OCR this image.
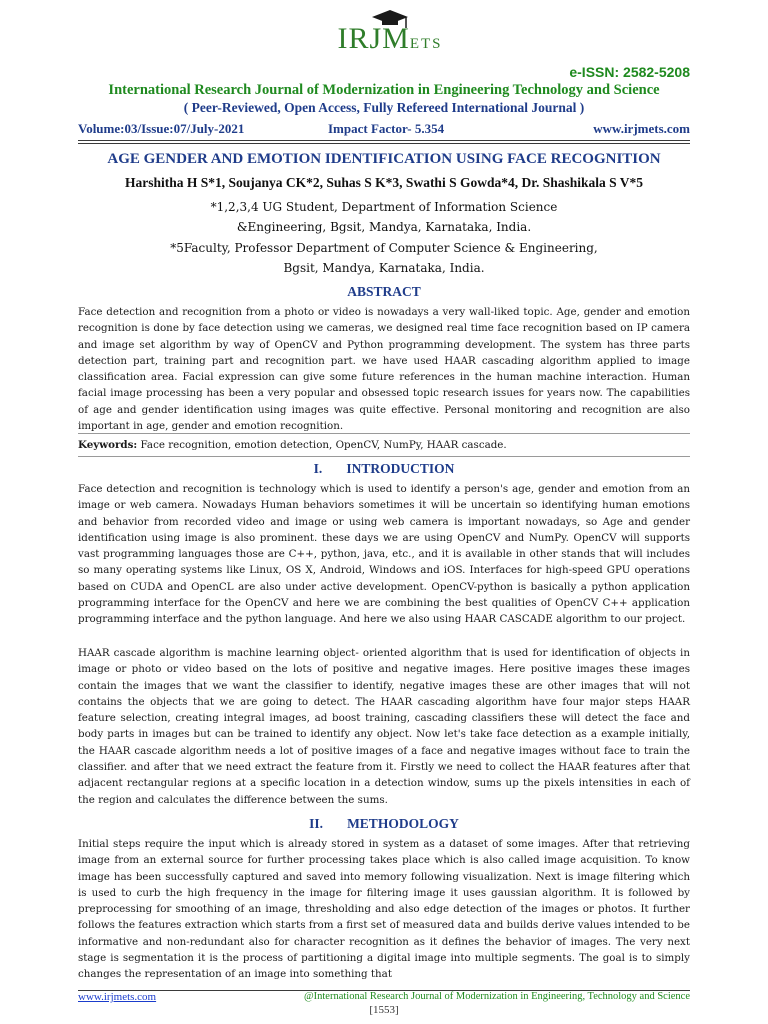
IRJMETS
e-ISSN: 2582-5208
International Research Journal of Modernization in Engineering Technology and Science
( Peer-Reviewed, Open Access, Fully Refereed International Journal )
Volume:03/Issue:07/July-2021	Impact Factor- 5.354	www.irjmets.com
AGE GENDER AND EMOTION IDENTIFICATION USING FACE RECOGNITION
Harshitha H S*1, Soujanya CK*2, Suhas S K*3, Swathi S Gowda*4, Dr. Shashikala S V*5
*1,2,3,4 UG Student, Department of Information Science &Engineering, Bgsit, Mandya, Karnataka, India.
*5Faculty, Professor Department of Computer Science & Engineering, Bgsit, Mandya, Karnataka, India.
ABSTRACT
Face detection and recognition from a photo or video is nowadays a very wall-liked topic. Age, gender and emotion recognition is done by face detection using we cameras, we designed real time face recognition based on IP camera and image set algorithm by way of OpenCV and Python programming development. The system has three parts detection part, training part and recognition part. we have used HAAR cascading algorithm applied to image classification area. Facial expression can give some future references in the human machine interaction. Human facial image processing has been a very popular and obsessed topic research issues for years now. The capabilities of age and gender identification using images was quite effective. Personal monitoring and recognition are also important in age, gender and emotion recognition.
Keywords: Face recognition, emotion detection, OpenCV, NumPy, HAAR cascade.
I. INTRODUCTION
Face detection and recognition is technology which is used to identify a person's age, gender and emotion from an image or web camera. Nowadays Human behaviors sometimes it will be uncertain so identifying human emotions and behavior from recorded video and image or using web camera is important nowadays, so Age and gender identification using image is also prominent. these days we are using OpenCV and NumPy. OpenCV will supports vast programming languages those are C++, python, java, etc., and it is available in other stands that will includes so many operating systems like Linux, OS X, Android, Windows and iOS. Interfaces for high-speed GPU operations based on CUDA and OpenCL are also under active development. OpenCV-python is basically a python application programming interface for the OpenCV and here we are combining the best qualities of OpenCV C++ application programming interface and the python language. And here we also using HAAR CASCADE algorithm to our project.
HAAR cascade algorithm is machine learning object- oriented algorithm that is used for identification of objects in image or photo or video based on the lots of positive and negative images. Here positive images these images contain the images that we want the classifier to identify, negative images these are other images that will not contains the objects that we are going to detect. The HAAR cascading algorithm have four major steps HAAR feature selection, creating integral images, ad boost training, cascading classifiers these will detect the face and body parts in images but can be trained to identify any object. Now let's take face detection as a example initially, the HAAR cascade algorithm needs a lot of positive images of a face and negative images without face to train the classifier. and after that we need extract the feature from it. Firstly we need to collect the HAAR features after that adjacent rectangular regions at a specific location in a detection window, sums up the pixels intensities in each of the region and calculates the difference between the sums.
II. METHODOLOGY
Initial steps require the input which is already stored in system as a dataset of some images. After that retrieving image from an external source for further processing takes place which is also called image acquisition. To know image has been successfully captured and saved into memory following visualization. Next is image filtering which is used to curb the high frequency in the image for filtering image it uses gaussian algorithm. It is followed by preprocessing for smoothing of an image, thresholding and also edge detection of the images or photos. It further follows the features extraction which starts from a first set of measured data and builds derive values intended to be informative and non-redundant also for character recognition as it defines the behavior of images. The very next stage is segmentation it is the process of partitioning a digital image into multiple segments. The goal is to simply changes the representation of an image into something that
www.irjmets.com	@International Research Journal of Modernization in Engineering, Technology and Science
[1553]
